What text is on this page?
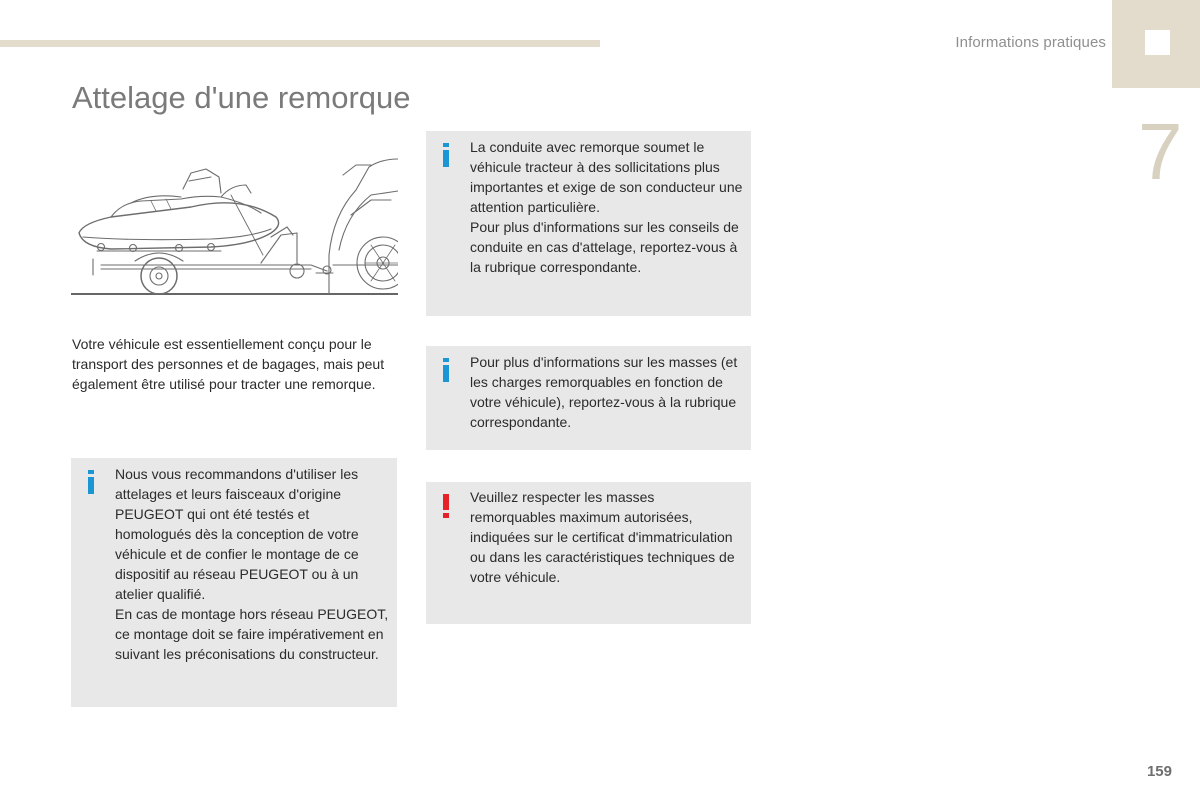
Informations pratiques
7
Attelage d'une remorque

Votre véhicule est essentiellement conçu pour le transport des personnes et de bagages, mais peut également être utilisé pour tracter une remorque.

Nous vous recommandons d'utiliser les attelages et leurs faisceaux d'origine PEUGEOT qui ont été testés et homologués dès la conception de votre véhicule et de confier le montage de ce dispositif au réseau PEUGEOT ou à un atelier qualifié.
En cas de montage hors réseau PEUGEOT, ce montage doit se faire impérativement en suivant les préconisations du constructeur.
La conduite avec remorque soumet le véhicule tracteur à des sollicitations plus importantes et exige de son conducteur une attention particulière.
Pour plus d'informations sur les conseils de conduite en cas d'attelage, reportez-vous à la rubrique correspondante.
Pour plus d'informations sur les masses (et les charges remorquables en fonction de votre véhicule), reportez-vous à la rubrique correspondante.
Veuillez respecter les masses remorquables maximum autorisées, indiquées sur le certificat d'immatriculation ou dans les caractéristiques techniques de votre véhicule.
159
